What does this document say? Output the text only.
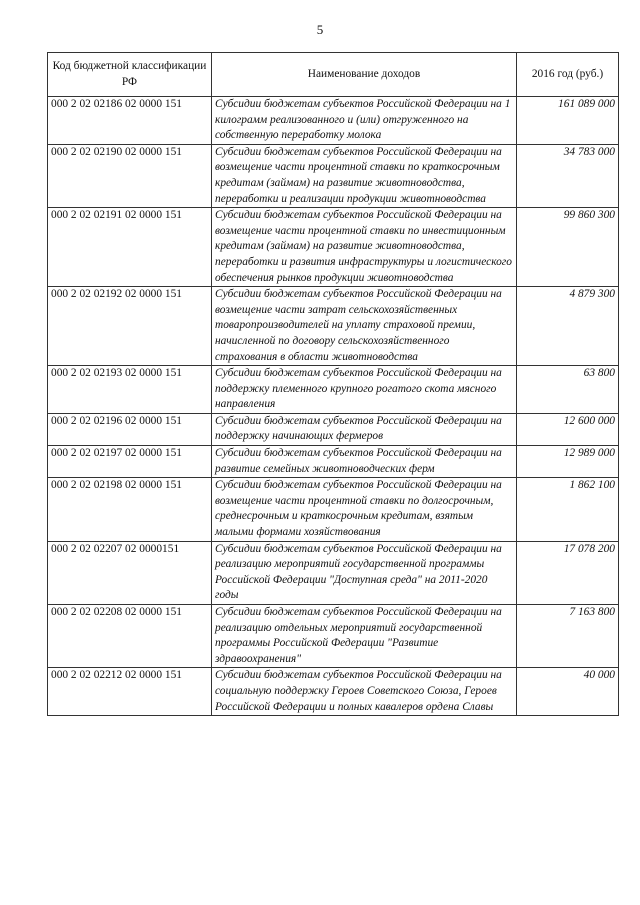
5
Код бюджетной классификации РФ	Наименование доходов	2016 год (руб.)
000 2 02 02186 02 0000 151	Субсидии бюджетам субъектов Российской Федерации на 1 килограмм реализованного и (или) отгруженного на собственную переработку молока	161 089 000
000 2 02 02190 02 0000 151	Субсидии бюджетам субъектов Российской Федерации на возмещение части процентной ставки по краткосрочным кредитам (займам) на развитие животноводства, переработки и реализации продукции животноводства	34 783 000
000 2 02 02191 02 0000 151	Субсидии бюджетам субъектов Российской Федерации на возмещение части процентной ставки по инвестиционным кредитам (займам) на развитие животноводства, переработки и развития инфраструктуры и логистического обеспечения рынков продукции животноводства	99 860 300
000 2 02 02192 02 0000 151	Субсидии бюджетам субъектов Российской Федерации на возмещение части затрат сельскохозяйственных товаропроизводителей на уплату страховой премии, начисленной по договору сельскохозяйственного страхования в области животноводства	4 879 300
000 2 02 02193 02 0000 151	Субсидии бюджетам субъектов Российской Федерации на поддержку племенного крупного рогатого скота мясного направления	63 800
000 2 02 02196 02 0000 151	Субсидии бюджетам субъектов Российской Федерации на поддержку начинающих фермеров	12 600 000
000 2 02 02197 02 0000 151	Субсидии бюджетам субъектов Российской Федерации на развитие семейных животноводческих ферм	12 989 000
000 2 02 02198 02 0000 151	Субсидии бюджетам субъектов Российской Федерации на возмещение части процентной ставки по долгосрочным, среднесрочным и краткосрочным кредитам, взятым малыми формами хозяйствования	1 862 100
000 2 02 02207 02 0000151	Субсидии бюджетам субъектов Российской Федерации на реализацию мероприятий государственной программы Российской Федерации "Доступная среда" на 2011-2020 годы	17 078 200
000 2 02 02208 02 0000 151	Субсидии бюджетам субъектов Российской Федерации на реализацию отдельных мероприятий государственной программы Российской Федерации "Развитие здравоохранения"	7 163 800
000 2 02 02212 02 0000 151	Субсидии бюджетам субъектов Российской Федерации на социальную поддержку Героев Советского Союза, Героев Российской Федерации и полных кавалеров ордена Славы	40 000
